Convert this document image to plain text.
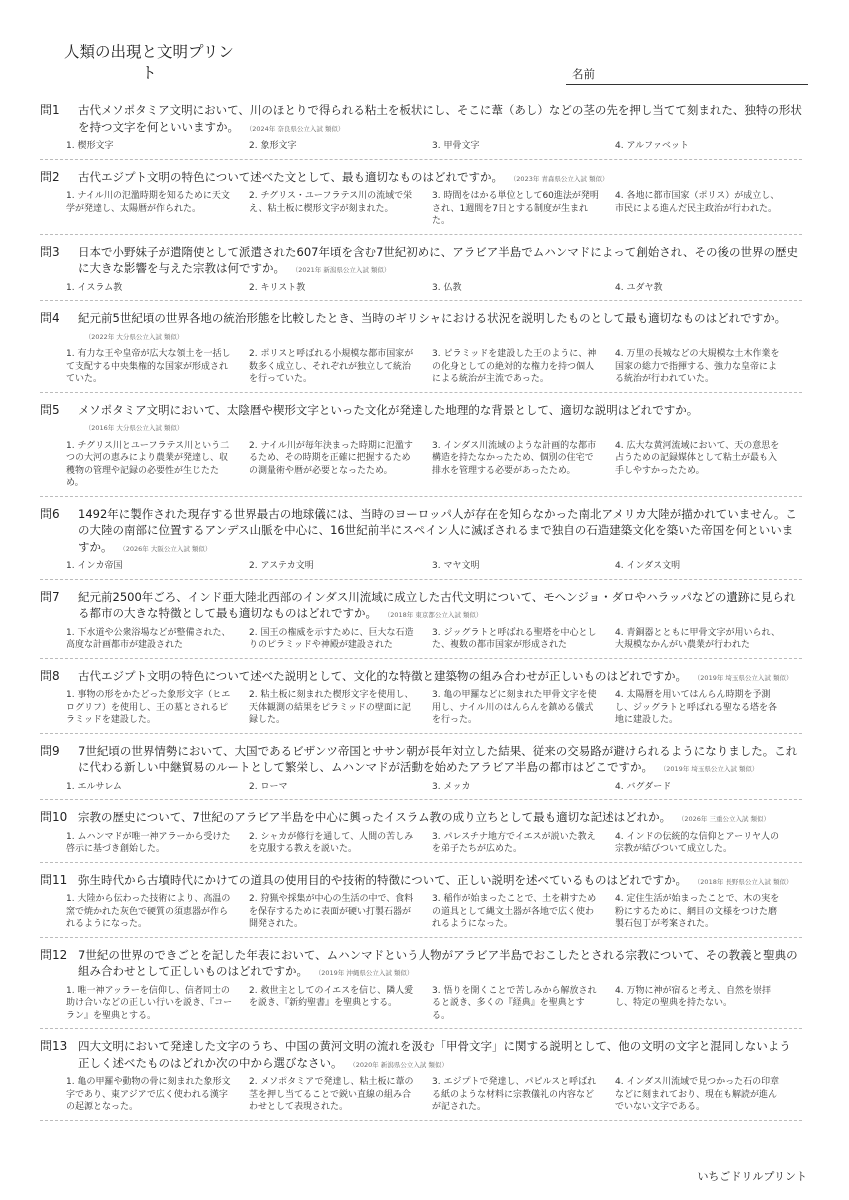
人類の出現と文明プリント	名前
問1	古代メソポタミア文明において、川のほとりで得られる粘土を板状にし、そこに葦（あし）などの茎の先を押し当てて刻まれた、独特の形状を持つ文字を何といいますか。 （2024年 奈良県公立入試 類似）
1. 楔形文字	2. 象形文字	3. 甲骨文字	4. アルファベット
問2	古代エジプト文明の特色について述べた文として、最も適切なものはどれですか。 （2023年 青森県公立入試 類似）
1. ナイル川の氾濫時期を知るために天文学が発達し、太陽暦が作られた。
2. チグリス・ユーフラテス川の流域で栄え、粘土板に楔形文字が刻まれた。
3. 時間をはかる単位として60進法が発明され、1週間を7日とする制度が生まれた。
4. 各地に都市国家（ポリス）が成立し、市民による進んだ民主政治が行われた。
問3	日本で小野妹子が遣隋使として派遣された607年頃を含む7世紀初めに、アラビア半島でムハンマドによって創始され、その後の世界の歴史に大きな影響を与えた宗教は何ですか。 （2021年 新潟県公立入試 類似）
1. イスラム教	2. キリスト教	3. 仏教	4. ユダヤ教
問4	紀元前5世紀頃の世界各地の統治形態を比較したとき、当時のギリシャにおける状況を説明したものとして最も適切なものはどれですか。（2022年 大分県公立入試 類似）
1. 有力な王や皇帝が広大な領土を一括して支配する中央集権的な国家が形成されていた。
2. ポリスと呼ばれる小規模な都市国家が数多く成立し、それぞれが独立して統治を行っていた。
3. ピラミッドを建設した王のように、神の化身としての絶対的な権力を持つ個人による統治が主流であった。
4. 万里の長城などの大規模な土木作業を国家の総力で指揮する、強力な皇帝による統治が行われていた。
問5	メソポタミア文明において、太陰暦や楔形文字といった文化が発達した地理的な背景として、適切な説明はどれですか。（2016年 大分県公立入試 類似）
1. チグリス川とユーフラテス川という二つの大河の恵みにより農業が発達し、収穫物の管理や記録の必要性が生じたため。
2. ナイル川が毎年決まった時期に氾濫するため、その時期を正確に把握するための測量術や暦が必要となったため。
3. インダス川流域のような計画的な都市構造を持たなかったため、個別の住宅で排水を管理する必要があったため。
4. 広大な黄河流域において、天の意思を占うための記録媒体として粘土が最も入手しやすかったため。
問6	1492年に製作された現存する世界最古の地球儀には、当時のヨーロッパ人が存在を知らなかった南北アメリカ大陸が描かれていません。この大陸の南部に位置するアンデス山脈を中心に、16世紀前半にスペイン人に滅ぼされるまで独自の石造建築文化を築いた帝国を何といいますか。 （2026年 大阪公立入試 類似）
1. インカ帝国	2. アステカ文明	3. マヤ文明	4. インダス文明
問7	紀元前2500年ごろ、インド亜大陸北西部のインダス川流域に成立した古代文明について、モヘンジョ・ダロやハラッパなどの遺跡に見られる都市の大きな特徴として最も適切なものはどれですか。 （2018年 東京都公立入試 類似）
1. 下水道や公衆浴場などが整備された、高度な計画都市が建設された
2. 国王の権威を示すために、巨大な石造りのピラミッドや神殿が建設された
3. ジッグラトと呼ばれる聖塔を中心とした、複数の都市国家が形成された
4. 青銅器とともに甲骨文字が用いられ、大規模なかんがい農業が行われた
問8	古代エジプト文明の特色について述べた説明として、文化的な特徴と建築物の組み合わせが正しいものはどれですか。 （2019年 埼玉県公立入試 類似）
1. 事物の形をかたどった象形文字（ヒエログリフ）を使用し、王の墓とされるピラミッドを建設した。
2. 粘土板に刻まれた楔形文字を使用し、天体観測の結果をピラミッドの壁面に記録した。
3. 亀の甲羅などに刻まれた甲骨文字を使用し、ナイル川のはんらんを鎮める儀式を行った。
4. 太陽暦を用いてはんらん時期を予測し、ジッグラトと呼ばれる聖なる塔を各地に建設した。
問9	7世紀頃の世界情勢において、大国であるビザンツ帝国とササン朝が長年対立した結果、従来の交易路が避けられるようになりました。これに代わる新しい中継貿易のルートとして繁栄し、ムハンマドが活動を始めたアラビア半島の都市はどこですか。 （2019年 埼玉県公立入試 類似）
1. エルサレム	2. ローマ	3. メッカ	4. バグダード
問10 宗教の歴史について、7世紀のアラビア半島を中心に興ったイスラム教の成り立ちとして最も適切な記述はどれか。 （2026年 三重公立入試 類似）
1. ムハンマドが唯一神アラーから受けた啓示に基づき創始した。
2. シャカが修行を通して、人間の苦しみを克服する教えを説いた。
3. パレスチナ地方でイエスが説いた教えを弟子たちが広めた。
4. インドの伝統的な信仰とアーリヤ人の宗教が結びついて成立した。
問11 弥生時代から古墳時代にかけての道具の使用目的や技術的特徴について、正しい説明を述べているものはどれですか。 （2018年 長野県公立入試 類似）
1. 大陸から伝わった技術により、高温の窯で焼かれた灰色で硬質の須恵器が作られるようになった。
2. 狩猟や採集が中心の生活の中で、食料を保存するために表面が硬い打製石器が開発された。
3. 稲作が始まったことで、土を耕すための道具として縄文土器が各地で広く使われるようになった。
4. 定住生活が始まったことで、木の実を粉にするために、網目の文様をつけた磨製石包丁が考案された。
問12 7世紀の世界のできごとを記した年表において、ムハンマドという人物がアラビア半島でおこしたとされる宗教について、その教義と聖典の組み合わせとして正しいものはどれですか。 （2019年 沖縄県公立入試 類似）
1. 唯一神アッラーを信仰し、信者同士の助け合いなどの正しい行いを説き、『コーラン』を聖典とする。
2. 救世主としてのイエスを信じ、隣人愛を説き、『新約聖書』を聖典とする。
3. 悟りを開くことで苦しみから解放されると説き、多くの『経典』を聖典とする。
4. 万物に神が宿ると考え、自然を崇拝し、特定の聖典を持たない。
問13 四大文明において発達した文字のうち、中国の黄河文明の流れを汲む「甲骨文字」に関する説明として、他の文明の文字と混同しないよう正しく述べたものはどれか次の中から選びなさい。 （2020年 新潟県公立入試 類似）
1. 亀の甲羅や動物の骨に刻まれた象形文字であり、東アジアで広く使われる漢字の起源となった。
2. メソポタミアで発達し、粘土板に葦の茎を押し当てることで鋭い直線の組み合わせとして表現された。
3. エジプトで発達し、パピルスと呼ばれる紙のような材料に宗教儀礼の内容などが記された。
4. インダス川流域で見つかった石の印章などに刻まれており、現在も解読が進んでいない文字である。
いちごドリルプリント
